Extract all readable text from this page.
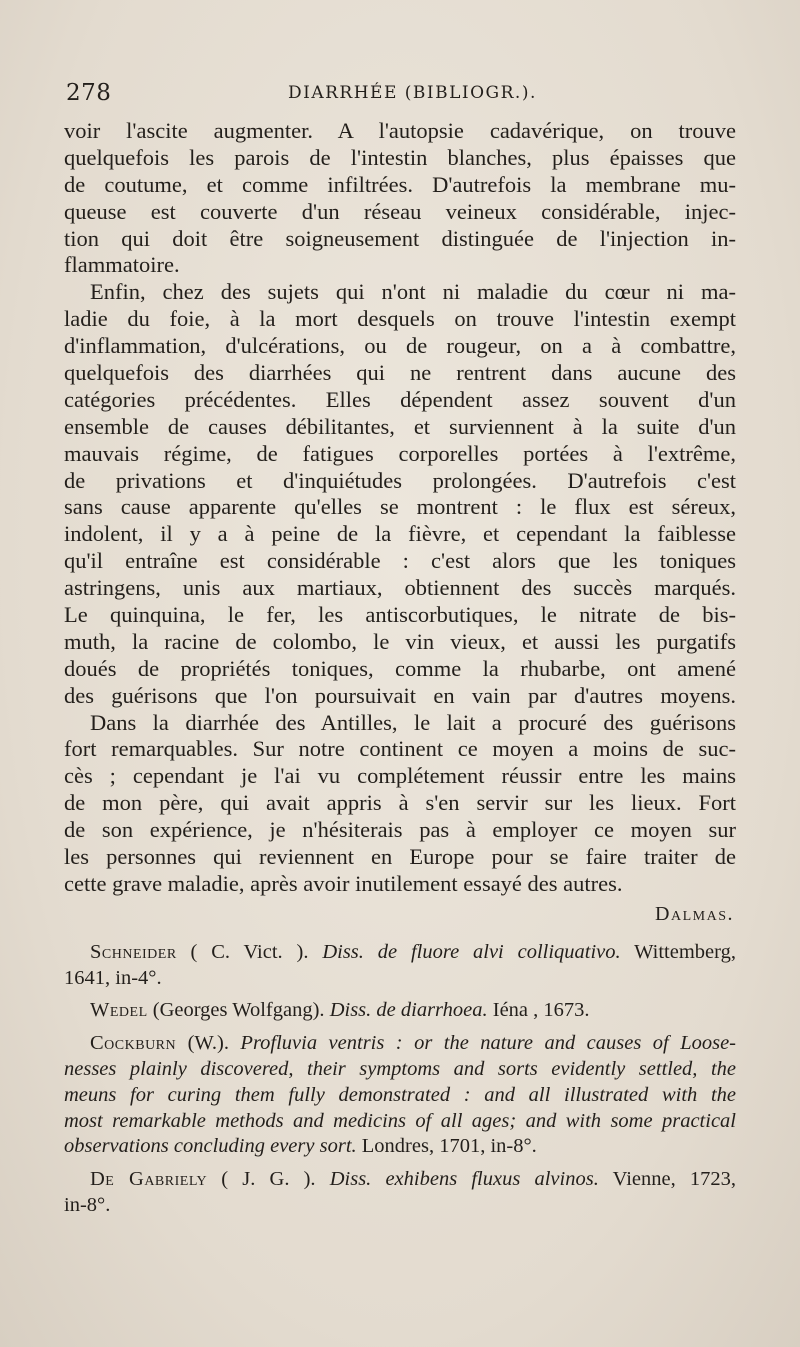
278	DIARRHÉE (BIBLIOGR.).
voir l'ascite augmenter. A l'autopsie cadavérique, on trouve
quelquefois les parois de l'intestin blanches, plus épaisses que
de coutume, et comme infiltrées. D'autrefois la membrane mu-
queuse est couverte d'un réseau veineux considérable, injec-
tion qui doit être soigneusement distinguée de l'injection in-
flammatoire.
Enfin, chez des sujets qui n'ont ni maladie du cœur ni ma-
ladie du foie, à la mort desquels on trouve l'intestin exempt
d'inflammation, d'ulcérations, ou de rougeur, on a à combattre,
quelquefois des diarrhées qui ne rentrent dans aucune des
catégories précédentes. Elles dépendent assez souvent d'un
ensemble de causes débilitantes, et surviennent à la suite d'un
mauvais régime, de fatigues corporelles portées à l'extrême,
de privations et d'inquiétudes prolongées. D'autrefois c'est
sans cause apparente qu'elles se montrent : le flux est séreux,
indolent, il y a à peine de la fièvre, et cependant la faiblesse
qu'il entraîne est considérable : c'est alors que les toniques
astringens, unis aux martiaux, obtiennent des succès marqués.
Le quinquina, le fer, les antiscorbutiques, le nitrate de bis-
muth, la racine de colombo, le vin vieux, et aussi les purgatifs
doués de propriétés toniques, comme la rhubarbe, ont amené
des guérisons que l'on poursuivait en vain par d'autres moyens.
Dans la diarrhée des Antilles, le lait a procuré des guérisons
fort remarquables. Sur notre continent ce moyen a moins de suc-
cès ; cependant je l'ai vu complétement réussir entre les mains
de mon père, qui avait appris à s'en servir sur les lieux. Fort
de son expérience, je n'hésiterais pas à employer ce moyen sur
les personnes qui reviennent en Europe pour se faire traiter de
cette grave maladie, après avoir inutilement essayé des autres.
Dalmas.
Schneider ( C. Vict. ). Diss. de fluore alvi colliquativo. Wittemberg,
1641, in-4°.
Wedel (Georges Wolfgang). Diss. de diarrhoea. Iéna , 1673.
Cockburn (W.). Profluvia ventris : or the nature and causes of Loose-
nesses plainly discovered, their symptoms and sorts evidently settled, the
meuns for curing them fully demonstrated : and all illustrated with the
most remarkable methods and medicins of all ages; and with some practical
observations concluding every sort. Londres, 1701, in-8°.
De Gabriely ( J. G. ). Diss. exhibens fluxus alvinos. Vienne, 1723,
in-8°.
